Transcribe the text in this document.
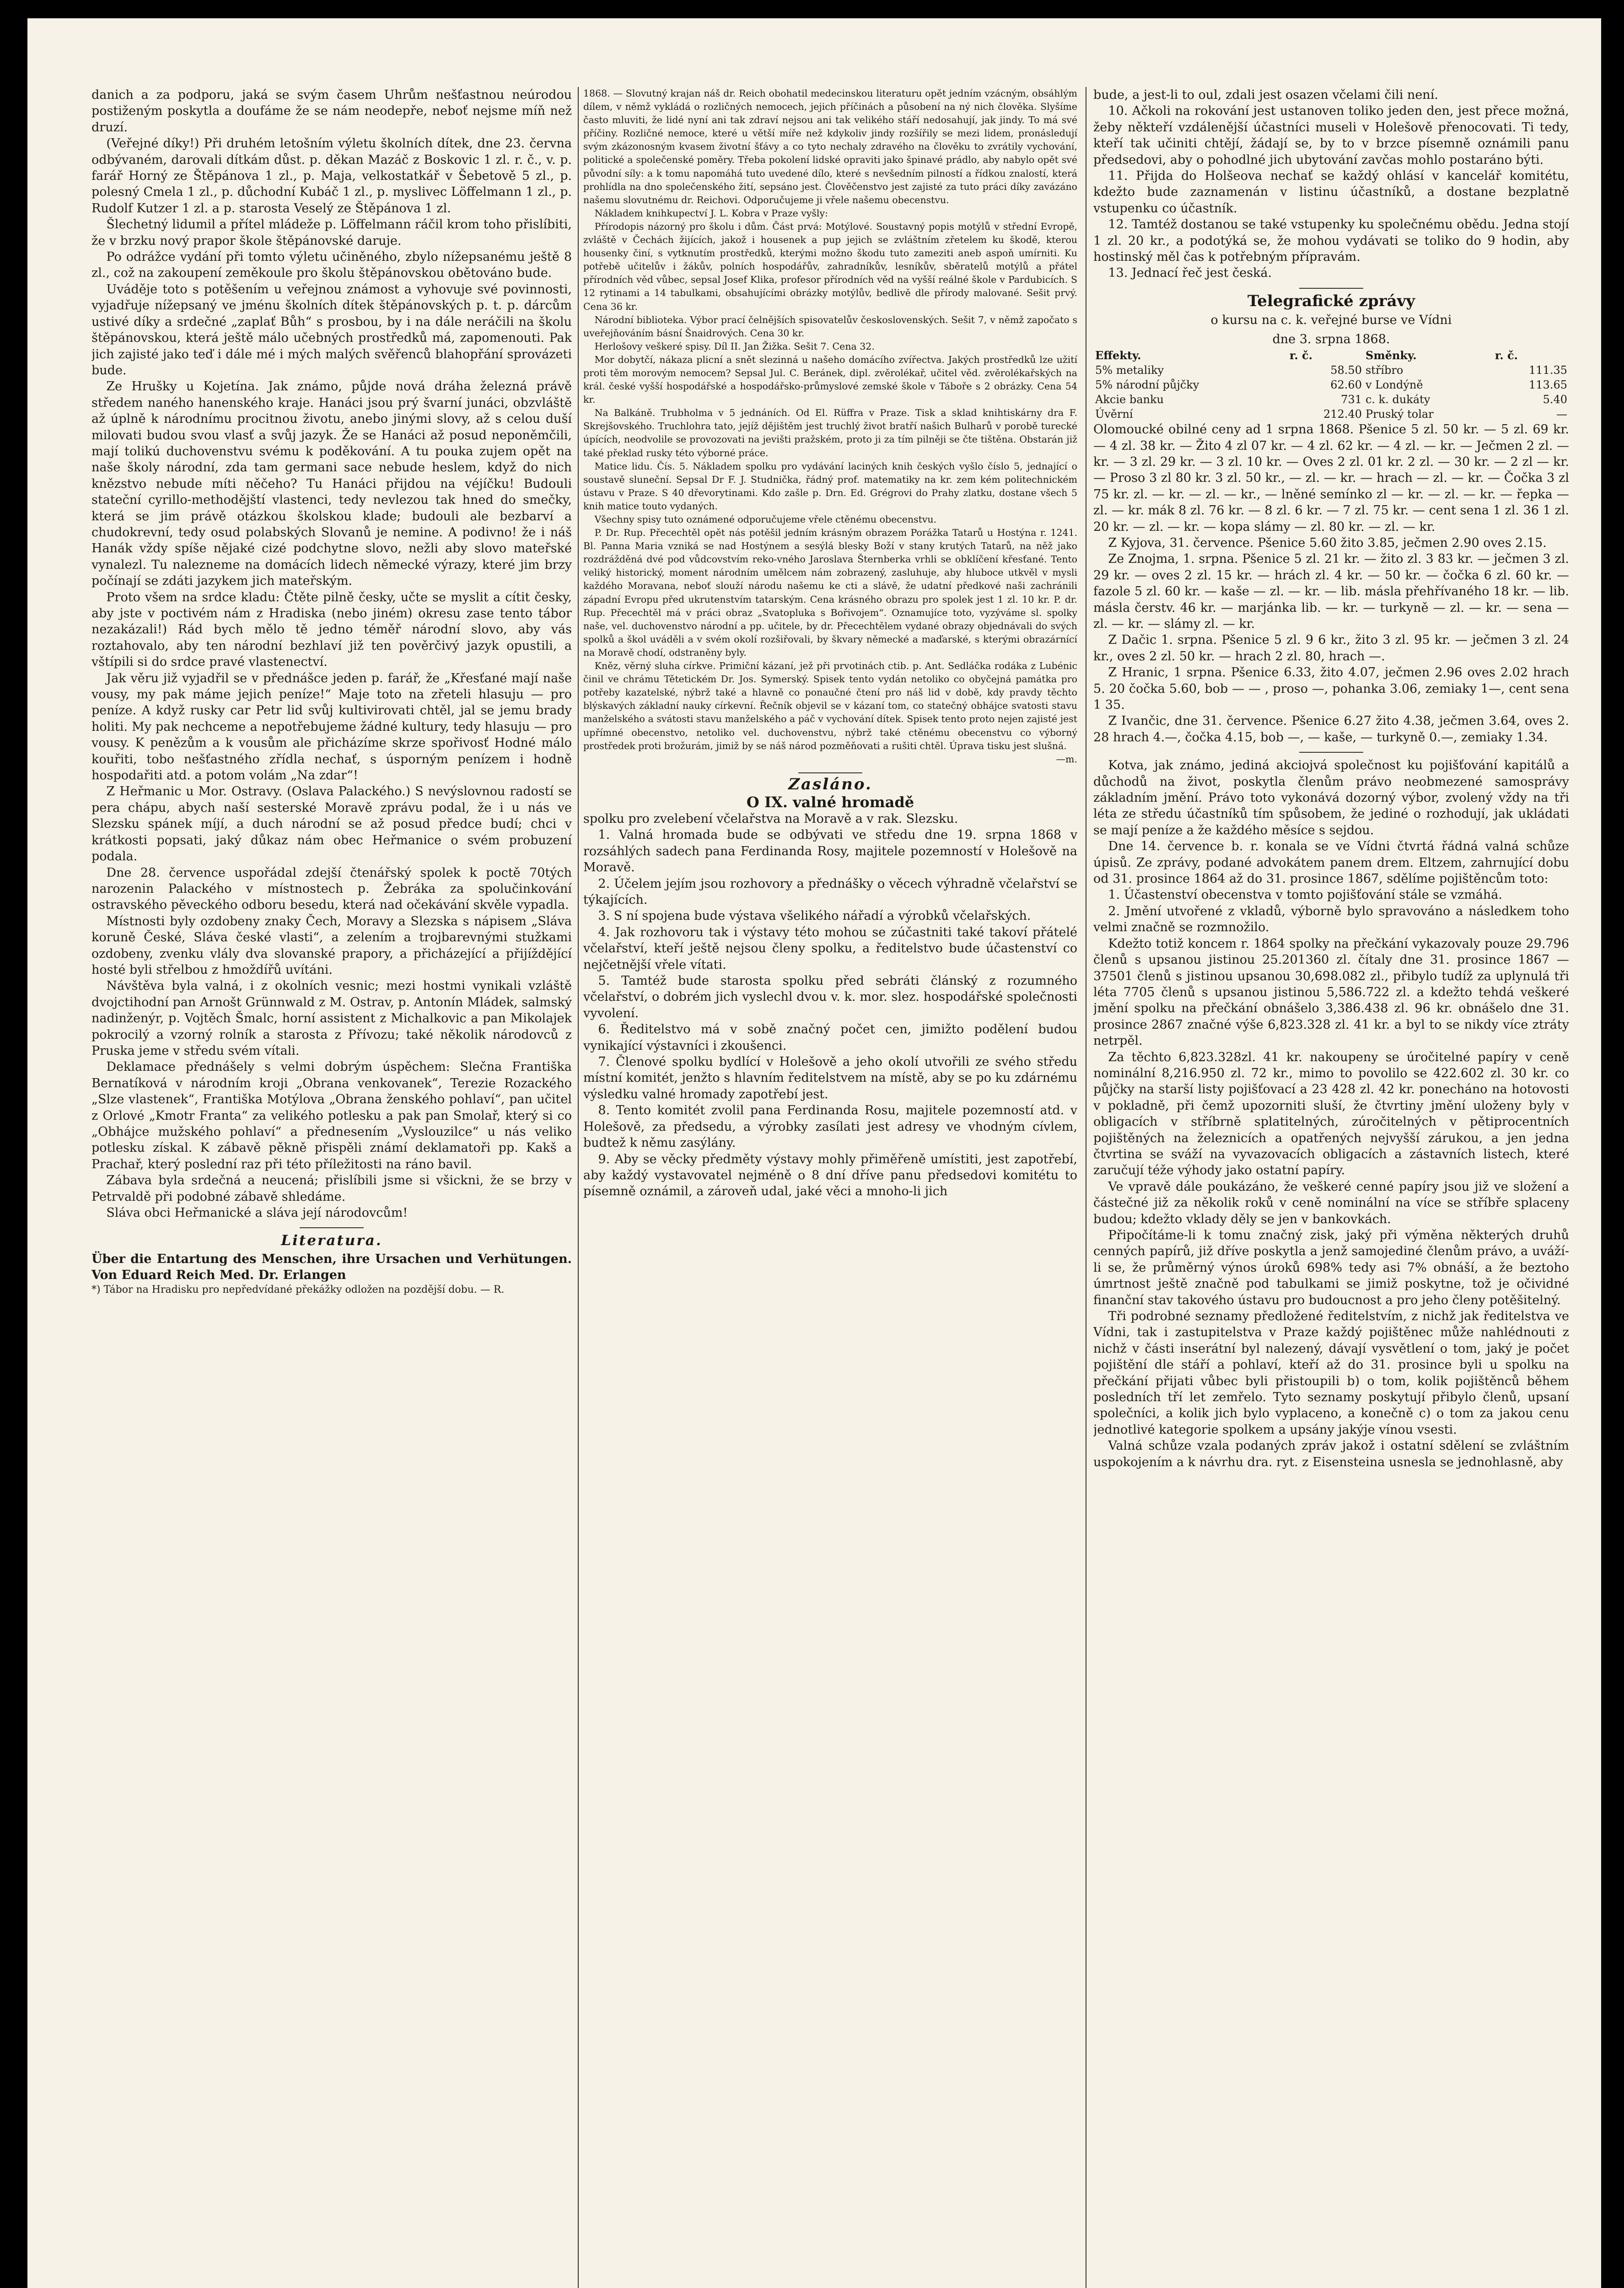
danich a za podporu, jaká se svým časem Uhrům nešťastnou neúrodou postiženým poskytla a doufáme že se nám neodepře, neboť nejsme míň než druzí.

(Veřejné díky!) Při druhém letošním výletu školních dítek, dne 23. června odbývaném, darovali dítkám důst. p. děkan Mazáč z Boskovic 1 zl. r. č., v. p. farář Horný ze Štěpánova 1 zl., p. Maja, velkostatkář v Šebetově 5 zl., p. polesný Cmela 1 zl., p. důchodní Kubáč 1 zl., p. myslivec Löffelmann 1 zl., p. Rudolf Kutzer 1 zl. a p. starosta Veselý ze Štěpánova 1 zl.

Šlechetný lidumil a přítel mládeže p. Löffelmann ráčil krom toho přislíbiti, že v brzku nový prapor škole štěpánovské daruje.

Po odrážce vydání při tomto výletu učiněného, zbylo nížepsanému ještě 8 zl., což na zakoupení zeměkoule pro školu štěpánovskou obětováno bude.

Uváděje toto s potěšením u veřejnou známost a vyhovuje své povinnosti, vyjadřuje nížepsaný ve jménu školních dítek štěpánovských p. t. p. dárcům ustivé díky a srdečné „zaplať Bůh“ s prosbou, by i na dále neráčili na školu štěpánovskou, která ještě málo učebných prostředků má, zapomenouti. Pak jich zajisté jako teď i dále mé i mých malých svěřenců blahopřání sprovázeti bude.

Ze Hrušky u Kojetína. Jak známo, půjde nová dráha železná právě středem naného hanenského kraje. Hanáci jsou prý švarní junáci, obzvláště až úplně k národnímu procitnou životu, anebo jinými slovy, až s celou duší milovati budou svou vlasť a svůj jazyk. Že se Hanáci až posud neponěmčili, mají tolikú duchovenstvu svému k poděkování. A tu pouka zujem opět na naše školy národní, zda tam germani sace nebude heslem, když do nich knězstvo nebude míti něčeho? Tu Hanáci přijdou na véjíčku! Budouli stateční cyrillo-methodějští vlastenci, tedy nevlezou tak hned do smečky, která se jim právě otázkou školskou klade; budouli ale bezbarví a chudokrevní, tedy osud polabských Slovanů je nemine. A podivno! že i náš Hanák vždy spíše nějaké cizé podchytne slovo, nežli aby slovo mateřské vynalezl. Tu nalezneme na domácích lidech německé výrazy, které jim brzy počínají se zdáti jazykem jich mateřským.

Proto všem na srdce kladu: Čtěte pilně česky, učte se myslit a cítit česky, aby jste v poctivém nám z Hradiska (nebo jiném) okresu zase tento tábor nezakázali!) Rád bych mělo tě jedno téměř národní slovo, aby vás roztahovalo, aby ten národní bezhlaví již ten pověrčivý jazyk opustili, a vštípili si do srdce pravé vlastenectví.

Jak věru již vyjadřil se v přednášce jeden p. farář, že „Křesťané mají naše vousy, my pak máme jejich peníze!“ Maje toto na zřeteli hlasuju — pro peníze. A když rusky car Petr lid svůj kultivirovati chtěl, jal se jemu brady holiti. My pak nechceme a nepotřebujeme žádné kultury, tedy hlasuju — pro vousy. K penězům a k vousům ale přicházíme skrze spořivosť Hodné málo kouřiti, tobo nešťastného zřídla nechať, s úsporným penízem i hodně hospodařiti atd. a potom volám „Na zdar“!

Z Heřmanic u Mor. Ostravy. (Oslava Palackého.) S nevýslovnou radostí se pera chápu, abych naší sesterské Moravě zprávu podal, že i u nás ve Slezsku spánek míjí, a duch národní se až posud předce budí; chci v krátkosti popsati, jaký důkaz nám obec Heřmanice o svém probuzení podala.

Dne 28. července uspořádal zdejší čtenářský spolek k poctě 70tých narozenin Palackého v místnostech p. Žebráka za spolučinkování ostravského pěveckého odboru besedu, která nad očekávání skvěle vypadla.

Místnosti byly ozdobeny znaky Čech, Moravy a Slezska s nápisem „Sláva koruně České, Sláva české vlasti“, a zelením a trojbarevnými stužkami ozdobeny, zvenku vlály dva slovanské prapory, a přicházející a přijíždějící hosté byli střelbou z hmoždířů uvítáni.

Návštěva byla valná, i z okolních vesnic; mezi hostmi vynikali vzláště dvojctihodní pan Arnošt Grünnwald z M. Ostrav, p. Antonín Mládek, salmský nadinženýr, p. Vojtěch Šmalc, horní assistent z Michalkovic a pan Mikolajek pokrocilý a vzorný rolník a starosta z Přívozu; také několik národovců z Pruska jeme v středu svém vítali.

Deklamace přednášely s velmi dobrým úspěchem: Slečna Františka Bernatíková v národním kroji „Obrana venkovanek“, Terezie Rozackého „Slze vlastenek“, Františka Motýlova „Obrana ženského pohlaví“, pan učitel z Orlové „Kmotr Franta“ za velikého potlesku a pak pan Smolař, který si co „Obhájce mužského pohlaví“ a přednesením „Vyslouzilce“ u nás veliko potlesku získal. K zábavě pěkně přispěli známí deklamatoři pp. Kakš a Prachař, který poslední raz při této příležitosti na ráno bavil.

Zábava byla srdečná a neucená; přislíbili jsme si všickni, že se brzy v Petrvaldě při podobné zábavě shledáme.

Sláva obci Heřmanické a sláva její národovcům!

Literatura.

Über die Entartung des Menschen, ihre Ursachen und Verhütungen. Von Eduard Reich Med. Dr. Erlangen

*) Tábor na Hradisku pro nepředvídané překážky odložen na pozdější dobu. — R.

1868. — Slovutný krajan náš dr. Reich obohatil medecinskou literaturu opět jedním vzácným, obsáhlým dílem, v němž vykládá o rozličných nemocech, jejich příčinách a působení na ný nich člověka. Slyšíme často mluviti, že lidé nyní ani tak zdraví nejsou ani tak velikého stáří nedosahují, jak jindy. To má své příčiny. Rozličné nemoce, které u větší míře než kdykoliv jindy rozšířily se mezi lidem, pronásledují svým zkázonosným kvasem životní šťávy a co tyto nechaly zdravého na člověku to zvrátily vychování, politické a společenské poměry. Třeba pokolení lidské opraviti jako špinavé prádlo, aby nabylo opět své původní síly: a k tomu napomáhá tuto uvedené dílo, které s nevšedním pilností a řídkou znalostí, která prohlídla na dno společenského žití, sepsáno jest. Člověčenstvo jest zajisté za tuto práci díky zavázáno našemu slovutnému dr. Reichovi. Odporučujeme ji vřele našemu obecenstvu.

Nákladem knihkupectví J. L. Kobra v Praze vyšly:

Přírodopis názorný pro školu i dům. Část prvá: Motýlové. Soustavný popis motýlů v střední Evropě, zvláště v Čechách žijících, jakož i housenek a pup jejich se zvláštním zřetelem ku škodě, kterou housenky činí, s vytknutím prostředků, kterými možno škodu tuto zameziti aneb aspoň umírniti. Ku potřebě učitelův i žákův, polních hospodářův, zahradníkův, lesníkův, sběratelů motýlů a přátel přírodních věd vůbec, sepsal Josef Klika, profesor přírodních věd na vyšší reálné škole v Pardubicích. S 12 rytinami a 14 tabulkami, obsahujícími obrázky motýlův, bedlivě dle přírody malované. Sešit prvý. Cena 36 kr.

Národní biblioteka. Výbor prací čelnějších spisovatelův československých. Sešit 7, v němž započato s uveřejňováním básní Šnaidrových. Cena 30 kr.

Herlošovy veškeré spisy. Díl II. Jan Žižka. Sešit 7. Cena 32.

Mor dobytčí, nákaza plicní a snět slezinná u našeho domácího zvířectva. Jakých prostředků lze užití proti těm morovým nemocem? Sepsal Jul. C. Beránek, dipl. zvěrolékař, učitel věd. zvěrolékařských na král. české vyšší hospodářské a hospodářsko-průmyslové zemské škole v Táboře s 2 obrázky. Cena 54 kr.

Na Balkáně. Trubholma v 5 jednáních. Od El. Rüffra v Praze. Tisk a sklad knihtiskárny dra F. Skrejšovského. Truchlohra tato, jejíž dějištěm jest truchlý život bratří našich Bulharů v porobě turecké úpících, neodvolile se provozovati na jevišti pražském, proto ji za tím pilněji se čte tištěna. Obstarán již také překlad rusky této výborné práce.

Matice lidu. Čís. 5. Nákladem spolku pro vydávání laciných knih českých vyšlo číslo 5, jednající o soustavě sluneční. Sepsal Dr F. J. Studnička, řádný prof. matematiky na kr. zem kém politechnickém ústavu v Praze. S 40 dřevorytinami. Kdo zašle p. Drn. Ed. Grégrovi do Prahy zlatku, dostane všech 5 knih matice touto vydaných.

Všechny spisy tuto oznámené odporučujeme vřele ctěnému obecenstvu.

P. Dr. Rup. Přecechtěl opět nás potěšil jedním krásným obrazem Porážka Tatarů u Hostýna r. 1241. Bl. Panna Maria vzniká se nad Hostýnem a sesýlá blesky Boží v stany krutých Tatarů, na něž jako rozdrážděná dvé pod vůdcovstvím reko-vného Jaroslava Šternberka vrhli se obklíčení křesťané. Tento veliký historický, moment národním umělcem nám zobrazený, zasluhuje, aby hluboce utkvěl v mysli každého Moravana, neboť slouží národu našemu ke cti a slávě, že udatní předkové naši zachránili západní Evropu před ukrutenstvím tatarským. Cena krásného obrazu pro spolek jest 1 zl. 10 kr. P. dr. Rup. Přecechtěl má v práci obraz „Svatopluka s Bořivojem“. Oznamujíce toto, vyzýváme sl. spolky naše, vel. duchovenstvo národní a pp. učitele, by dr. Přecechtělem vydané obrazy objednávali do svých spolků a škol uváděli a v svém okolí rozšiřovali, by škvary německé a maďarské, s kterými obrazárnící na Moravě chodí, odstraněny byly.

Kněz, věrný sluha církve. Primiční kázaní, jež při prvotinách ctib. p. Ant. Sedláčka rodáka z Lubénic činil ve chrámu Tětetickém Dr. Jos. Symerský. Spisek tento vydán netoliko co obyčejná památka pro potřeby kazatelské, nýbrž také a hlavně co ponaučné čtení pro náš lid v době, kdy pravdy těchto blýskavých základní nauky církevní. Řečník objevil se v kázaní tom, co statečný obhájce svatosti stavu manželského a svátosti stavu manželského a páč v vychování dítek. Spisek tento proto nejen zajisté jest upřímné obecenstvo, netoliko vel. duchovenstvu, nýbrž také ctěnému obecenstvu co výborný prostředek proti brožurám, jimiž by se náš národ pozměňovati a rušiti chtěl. Úprava tisku jest slušná.

—m.

Zasláno.
O IX. valné hromadě

spolku pro zvelebení včelařstva na Moravě a v rak. Slezsku.

1. Valná hromada bude se odbývati ve středu dne 19. srpna 1868 v rozsáhlých sadech pana Ferdinanda Rosy, majitele pozemností v Holešově na Moravě.

2. Účelem jejím jsou rozhovory a přednášky o věcech výhradně včelařství se týkajících.

3. S ní spojena bude výstava všelikého nářadí a výrobků včelařských.

4. Jak rozhovoru tak i výstavy této mohou se zúčastniti také takoví přátelé včelařství, kteří ještě nejsou členy spolku, a ředitelstvo bude účastenství co nejčetnější vřele vítati.

5. Tamtéž bude starosta spolku před sebráti článský z rozumného včelařství, o dobrém jich vyslechl dvou v. k. mor. slez. hospodářské společnosti vyvolení.

6. Ředitelstvo má v sobě značný počet cen, jimižto podělení budou vynikající výstavníci i zkoušenci.

7. Členové spolku bydlící v Holešově a jeho okolí utvořili ze svého středu místní komitét, jenžto s hlavním ředitelstvem na místě, aby se po ku zdárnému výsledku valné hromady zapotřebí jest.

8. Tento komitét zvolil pana Ferdinanda Rosu, majitele pozemností atd. v Holešově, za předsedu, a výrobky zasílati jest adresy ve vhodným cívlem, budtež k němu zasýlány.

9. Aby se věcky předměty výstavy mohly přiměřeně umístiti, jest zapotřebí, aby každý vystavovatel nejméně o 8 dní dříve panu předsedovi komitétu to písemně oznámil, a zároveň udal, jaké věci a mnoho-li jich

bude, a jest-li to oul, zdali jest osazen včelami čili není.

10. Ačkoli na rokování jest ustanoven toliko jeden den, jest přece možná, žeby někteří vzdálenější účastníci museli v Holešově přenocovati. Ti tedy, kteří tak učiniti chtějí, žádají se, by to v brzce písemně oznámili panu předsedovi, aby o pohodlné jich ubytování zavčas mohlo postaráno býti.

11. Přijda do Holšeova nechať se každý ohlásí v kancelář komitétu, kdežto bude zaznamenán v listinu účastníků, a dostane bezplatně vstupenku co účastník.

12. Tamtéž dostanou se také vstupenky ku společnému obědu. Jedna stojí 1 zl. 20 kr., a podotýká se, že mohou vydávati se toliko do 9 hodin, aby hostinský měl čas k potřebným přípravám.

13. Jednací řeč jest česká.

Telegrafické zprávy
o kursu na c. k. veřejné burse ve Vídni
dne 3. srpna 1868.
Effekty.	r. č.	Směnky.	r. č.
5% metaliky	58.50	stříbro	111.35
5% národní půjčky	62.60	v Londýně	113.65
Akcie banku	731	c. k. dukáty	5.40
Úvěrní	212.40	Pruský tolar	—

Olomoucké obilné ceny ad 1 srpna 1868. Pšenice 5 zl. 50 kr. — 5 zl. 69 kr. — 4 zl. 38 kr. — Žito 4 zl 07 kr. — 4 zl. 62 kr. — 4 zl. — kr. — Ječmen 2 zl. — kr. — 3 zl. 29 kr. — 3 zl. 10 kr. — Oves 2 zl. 01 kr. 2 zl. — 30 kr. — 2 zl — kr. — Proso 3 zl 80 kr. 3 zl. 50 kr., — zl. — kr. — hrach — zl. — kr. — Čočka 3 zl 75 kr. zl. — kr. — zl. — kr., — lněné semínko zl — kr. — zl. — kr. — řepka — zl. — kr. mák 8 zl. 76 kr. — 8 zl. 6 kr. — 7 zl. 75 kr. — cent sena 1 zl. 36 1 zl. 20 kr. — zl. — kr. — kopa slámy — zl. 80 kr. — zl. — kr.

Z Kyjova, 31. července. Pšenice 5.60 žito 3.85, ječmen 2.90 oves 2.15.

Ze Znojma, 1. srpna. Pšenice 5 zl. 21 kr. — žito zl. 3 83 kr. — ječmen 3 zl. 29 kr. — oves 2 zl. 15 kr. — hrách zl. 4 kr. — 50 kr. — čočka 6 zl. 60 kr. — fazole 5 zl. 60 kr. — kaše — zl. — kr. — lib. másla přehřívaného 18 kr. — lib. másla čerstv. 46 kr. — marjánka lib. — kr. — turkyně — zl. — kr. — sena — zl. — kr. — slámy zl. — kr.

Z Dačic 1. srpna. Pšenice 5 zl. 9 6 kr., žito 3 zl. 95 kr. — ječmen 3 zl. 24 kr., oves 2 zl. 50 kr. — hrach 2 zl. 80, hrach —.

Z Hranic, 1 srpna. Pšenice 6.33, žito 4.07, ječmen 2.96 oves 2.02 hrach 5. 20 čočka 5.60, bob — — , proso —, pohanka 3.06, zemiaky 1—, cent sena 1 35.

Z Ivančic, dne 31. července. Pšenice 6.27 žito 4.38, ječmen 3.64, oves 2. 28 hrach 4.—, čočka 4.15, bob —, — kaše, — turkyně 0.—, zemiaky 1.34.

Kotva, jak známo, jediná akciojvá společnost ku pojišťování kapitálů a důchodů na život, poskytla členům právo neobmezené samosprávy základním jmění. Právo toto vykonává dozorný výbor, zvolený vždy na tři léta ze středu účastníků tím spůsobem, že jediné o rozhodují, jak ukládati se mají peníze a že každého měsíce s sejdou.

Dne 14. července b. r. konala se ve Vídni čtvrtá řádná valná schůze úpisů. Ze zprávy, podané advokátem panem drem. Eltzem, zahrnující dobu od 31. prosince 1864 až do 31. prosince 1867, sdělíme pojištěncům toto:

1. Účastenství obecenstva v tomto pojišťování stále se vzmáhá.

2. Jmění utvořené z vkladů, výborně bylo spravováno a následkem toho velmi značně se rozmnožilo.

Kdežto totiž koncem r. 1864 spolky na přečkání vykazovaly pouze 29.796 členů s upsanou jistinou 25.201360 zl. čítaly dne 31. prosince 1867 —37501 členů s jistinou upsanou 30,698.082 zl., přibylo tudíž za uplynulá tři léta 7705 členů s upsanou jistinou 5,586.722 zl. a kdežto tehdá veškeré jmění spolku na přečkání obnášelo 3,386.438 zl. 96 kr. obnášelo dne 31. prosince 2867 značné výše 6,823.328 zl. 41 kr. a byl to se nikdy více ztráty netrpěl.

Za těchto 6,823.328zl. 41 kr. nakoupeny se úročitelné papíry v ceně nominální 8,216.950 zl. 72 kr., mimo to povolilo se 422.602 zl. 30 kr. co půjčky na starší listy pojišťovací a 23 428 zl. 42 kr. ponecháno na hotovosti v pokladně, při čemž upozorniti sluší, že čtvrtiny jmění uloženy byly v obligacích v stříbrně splatitelných, zúročitelných v pětiprocentních pojištěných na železnicích a opatřených nejvyšší zárukou, a jen jedna čtvrtina se sváží na vyvazovacích obligacích a zástavních listech, které zaručují téže výhody jako ostatní papíry.

Ve vpravě dále poukázáno, že veškeré cenné papíry jsou již ve složení a částečné již za několik roků v ceně nominální na více se stříbře splaceny budou; kdežto vklady děly se jen v bankovkách.

Připočítáme-li k tomu značný zisk, jaký při výměna některých druhů cenných papírů, již dříve poskytla a jenž samojediné členům právo, a uváží-li se, že průměrný výnos úroků 698% tedy asi 7% obnáší, a že beztoho úmrtnost ještě značně pod tabulkami se jimiž poskytne, tož je očividné finanční stav takového ústavu pro budoucnost a pro jeho členy potěšitelný.

Tři podrobné seznamy předložené ředitelstvím, z nichž jak ředitelstva ve Vídni, tak i zastupitelstva v Praze každý pojištěnec může nahlédnouti z nichž v části inserátní byl nalezený, dávají vysvětlení o tom, jaký je počet pojištění dle stáří a pohlaví, kteří až do 31. prosince byli u spolku na přečkání přijati vůbec byli přistoupili b) o tom, kolik pojištěnců během posledních tří let zemřelo. Tyto seznamy poskytují přibylo členů, upsaní společníci, a kolik jich bylo vyplaceno, a konečně c) o tom za jakou cenu jednotlivé kategorie spolkem a upsány jakýje vínou vsesti.

Valná schůze vzala podaných zpráv jakož i ostatní sdělení se zvláštním uspokojením a k návrhu dra. ryt. z Eisensteina usnesla se jednohlasně, aby
